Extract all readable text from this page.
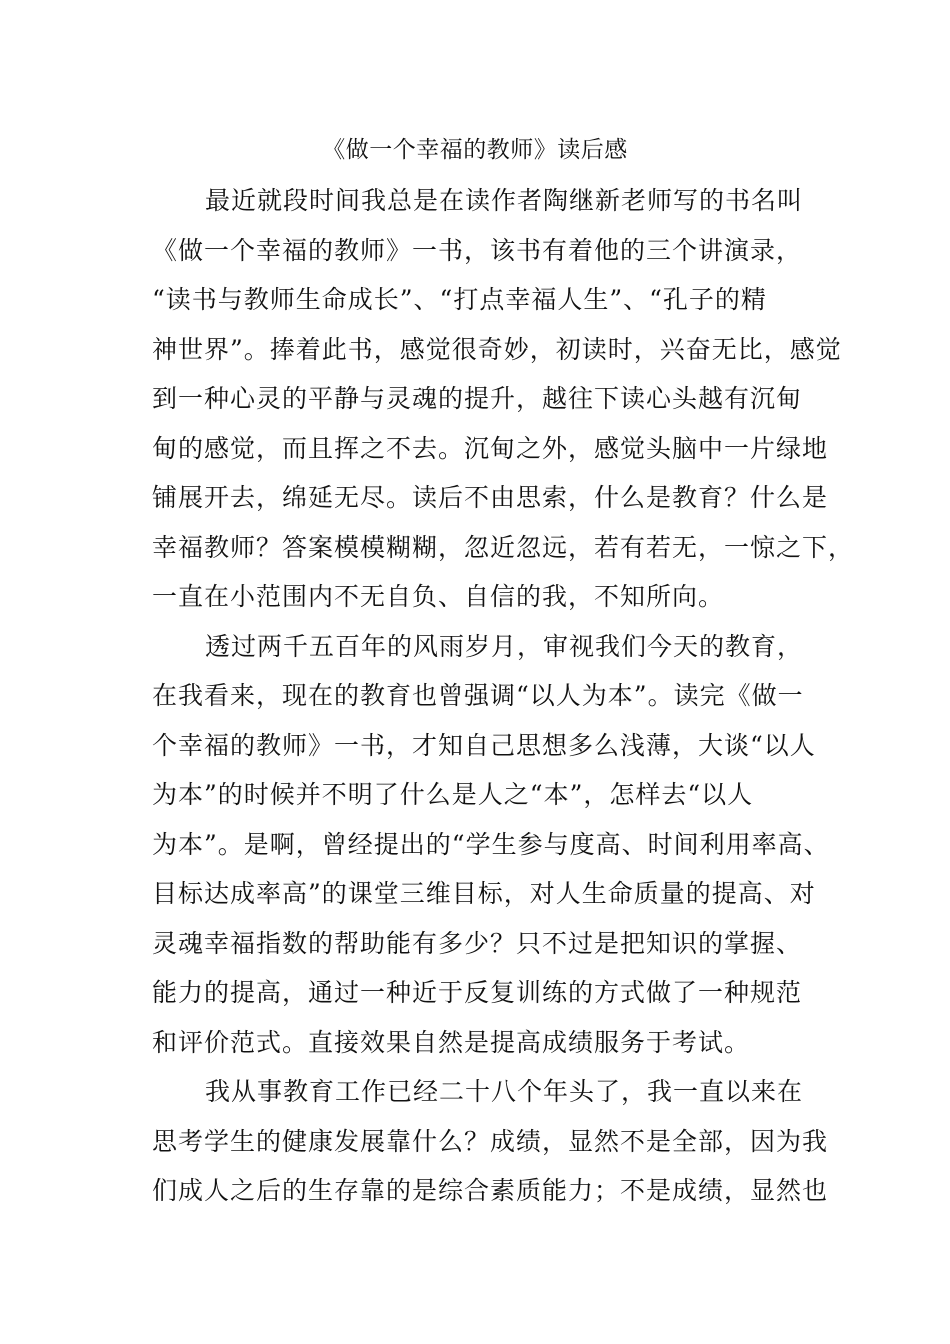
《做一个幸福的教师》读后感
最近就段时间我总是在读作者陶继新老师写的书名叫
《做一个幸福的教师》一书，该书有着他的三个讲演录，
“读书与教师生命成长”、“打点幸福人生”、“孔子的精
神世界”。捧着此书，感觉很奇妙，初读时，兴奋无比，感觉
到一种心灵的平静与灵魂的提升，越往下读心头越有沉甸
甸的感觉，而且挥之不去。沉甸之外，感觉头脑中一片绿地
铺展开去，绵延无尽。读后不由思索，什么是教育？什么是
幸福教师？答案模模糊糊，忽近忽远，若有若无，一惊之下，
一直在小范围内不无自负、自信的我，不知所向。
透过两千五百年的风雨岁月，审视我们今天的教育，
在我看来，现在的教育也曾强调“以人为本”。读完《做一
个幸福的教师》一书，才知自己思想多么浅薄，大谈“以人
为本”的时候并不明了什么是人之“本”，怎样去“以人
为本”。是啊，曾经提出的“学生参与度高、时间利用率高、
目标达成率高”的课堂三维目标，对人生命质量的提高、对
灵魂幸福指数的帮助能有多少？只不过是把知识的掌握、
能力的提高，通过一种近于反复训练的方式做了一种规范
和评价范式。直接效果自然是提高成绩服务于考试。
我从事教育工作已经二十八个年头了，我一直以来在
思考学生的健康发展靠什么？成绩，显然不是全部，因为我
们成人之后的生存靠的是综合素质能力；不是成绩，显然也
